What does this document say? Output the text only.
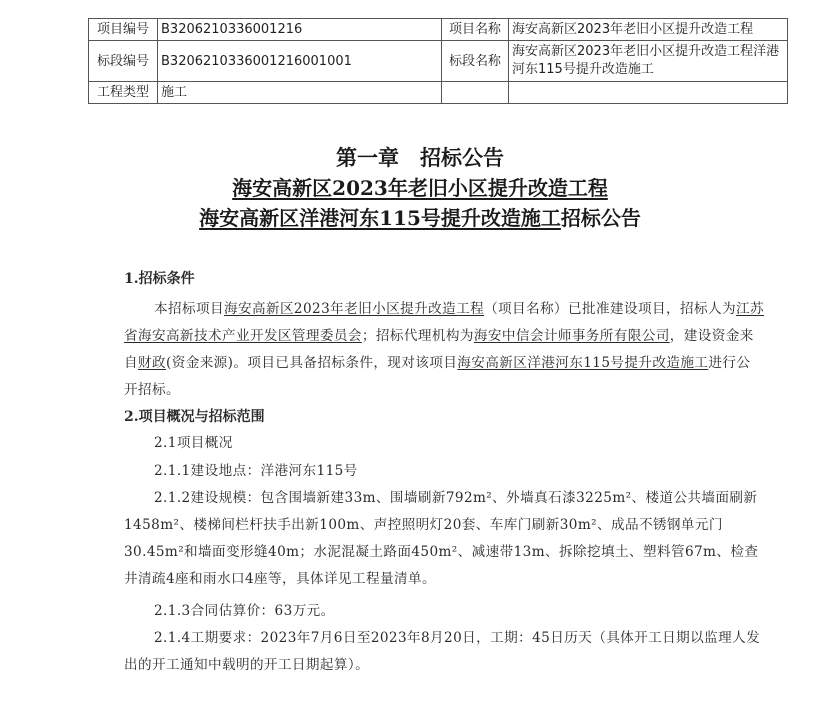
项目编号	B3206210336001216	项目名称	海安高新区2023年老旧小区提升改造工程
标段编号	B3206210336001216001001	标段名称	海安高新区2023年老旧小区提升改造工程洋港河东115号提升改造施工
工程类型	施工		
第一章　招标公告
海安高新区2023年老旧小区提升改造工程
海安高新区洋港河东115号提升改造施工招标公告

1.招标条件

本招标项目海安高新区2023年老旧小区提升改造工程（项目名称）已批准建设项目，招标人为江苏省海安高新技术产业开发区管理委员会；招标代理机构为海安中信会计师事务所有限公司，建设资金来自财政(资金来源)。项目已具备招标条件，现对该项目海安高新区洋港河东115号提升改造施工进行公开招标。

2.项目概况与招标范围

2.1项目概况

2.1.1建设地点：洋港河东115号

2.1.2建设规模：包含围墙新建33m、围墙刷新792m²、外墙真石漆3225m²、楼道公共墙面刷新1458m²、楼梯间栏杆扶手出新100m、声控照明灯20套、车库门刷新30m²、成品不锈钢单元门30.45m²和墙面变形缝40m；水泥混凝土路面450m²、减速带13m、拆除挖填土、塑料管67m、检查井清疏4座和雨水口4座等，具体详见工程量清单。

2.1.3合同估算价：63万元。

2.1.4工期要求：2023年7月6日至2023年8月20日，工期：45日历天（具体开工日期以监理人发出的开工通知中载明的开工日期起算）。
